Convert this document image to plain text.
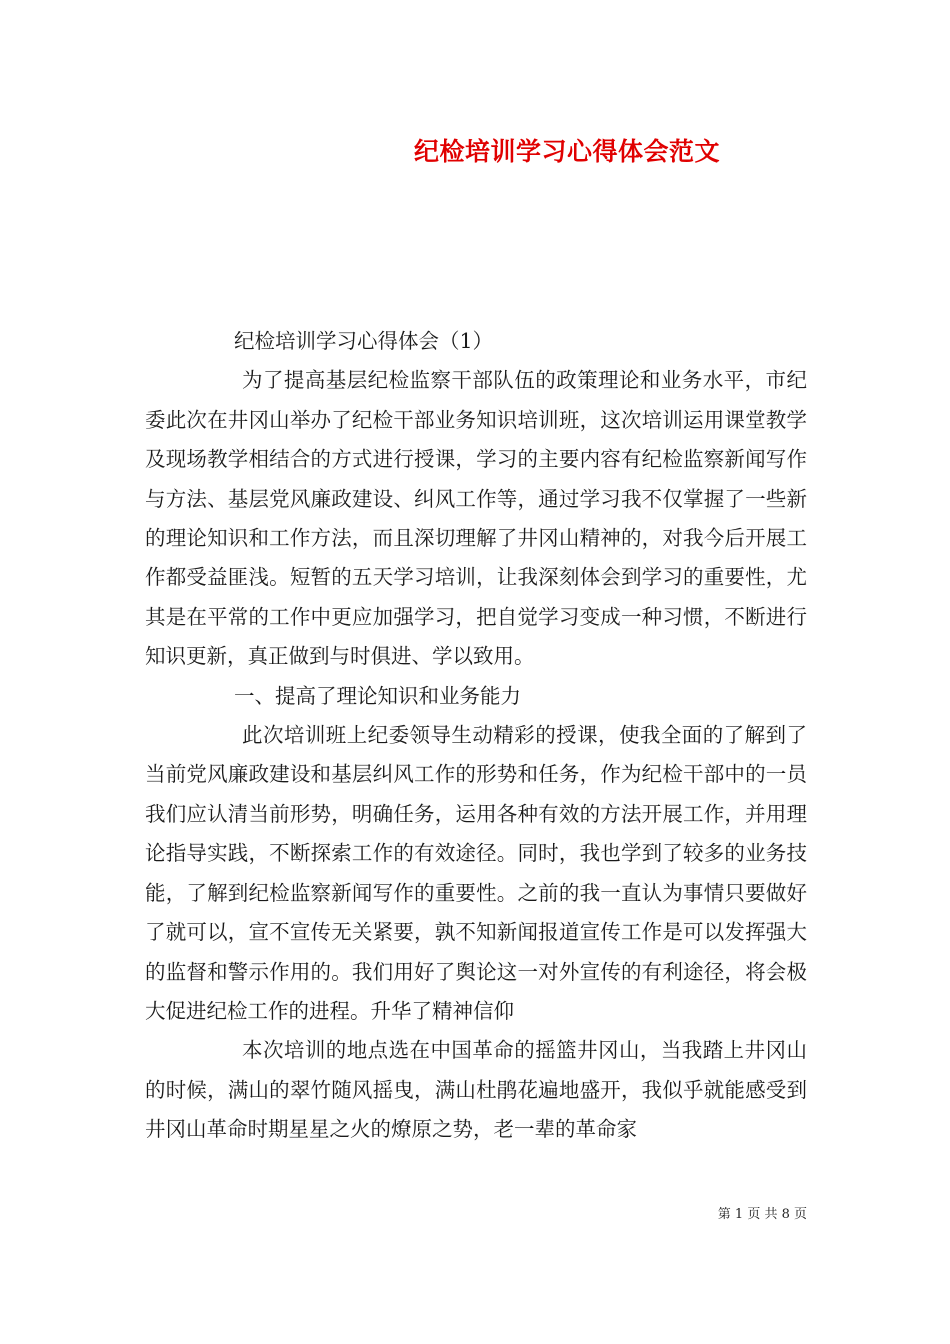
纪检培训学习心得体会范文

纪检培训学习心得体会（1）

为了提高基层纪检监察干部队伍的政策理论和业务水平，市纪委此次在井冈山举办了纪检干部业务知识培训班，这次培训运用课堂教学及现场教学相结合的方式进行授课，学习的主要内容有纪检监察新闻写作与方法、基层党风廉政建设、纠风工作等，通过学习我不仅掌握了一些新的理论知识和工作方法，而且深切理解了井冈山精神的，对我今后开展工作都受益匪浅。短暂的五天学习培训，让我深刻体会到学习的重要性，尤其是在平常的工作中更应加强学习，把自觉学习变成一种习惯，不断进行知识更新，真正做到与时俱进、学以致用。

一、提高了理论知识和业务能力

此次培训班上纪委领导生动精彩的授课，使我全面的了解到了当前党风廉政建设和基层纠风工作的形势和任务，作为纪检干部中的一员我们应认清当前形势，明确任务，运用各种有效的方法开展工作，并用理论指导实践，不断探索工作的有效途径。同时，我也学到了较多的业务技能，了解到纪检监察新闻写作的重要性。之前的我一直认为事情只要做好了就可以，宣不宣传无关紧要，孰不知新闻报道宣传工作是可以发挥强大的监督和警示作用的。我们用好了舆论这一对外宣传的有利途径，将会极大促进纪检工作的进程。升华了精神信仰

本次培训的地点选在中国革命的摇篮井冈山，当我踏上井冈山的时候，满山的翠竹随风摇曳，满山杜鹃花遍地盛开，我似乎就能感受到井冈山革命时期星星之火的燎原之势，老一辈的革命家

第 1 页 共 8 页
